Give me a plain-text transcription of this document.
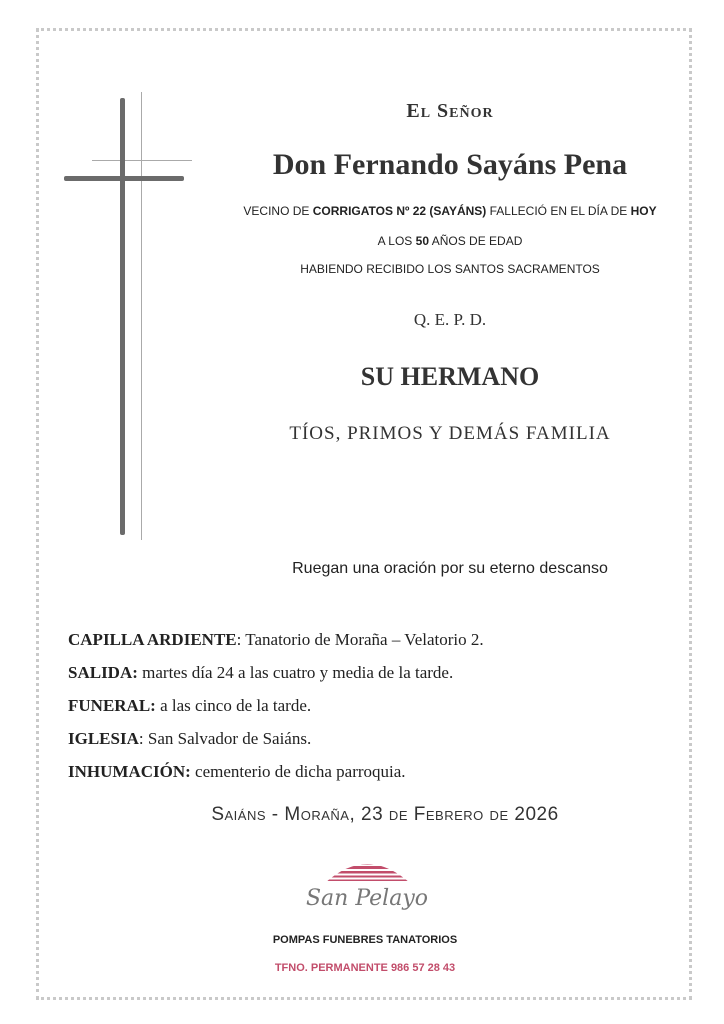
El Señor
Don Fernando Sayáns Pena
VECINO DE CORRIGATOS Nº 22 (SAYÁNS) FALLECIÓ EN EL DÍA DE HOY
A LOS 50 AÑOS DE EDAD
HABIENDO RECIBIDO LOS SANTOS SACRAMENTOS
Q. E. P. D.
SU HERMANO
TÍOS, PRIMOS Y DEMÁS FAMILIA
Ruegan una oración por su eterno descanso
CAPILLA ARDIENTE: Tanatorio de Moraña – Velatorio 2.
SALIDA: martes día 24 a las cuatro y media de la tarde.
FUNERAL: a las cinco de la tarde.
IGLESIA: San Salvador de Saiáns.
INHUMACIÓN: cementerio de dicha parroquia.
Saiáns - Moraña, 23 de Febrero de 2026
San Pelayo
POMPAS FUNEBRES TANATORIOS
TFNO. PERMANENTE 986 57 28 43
